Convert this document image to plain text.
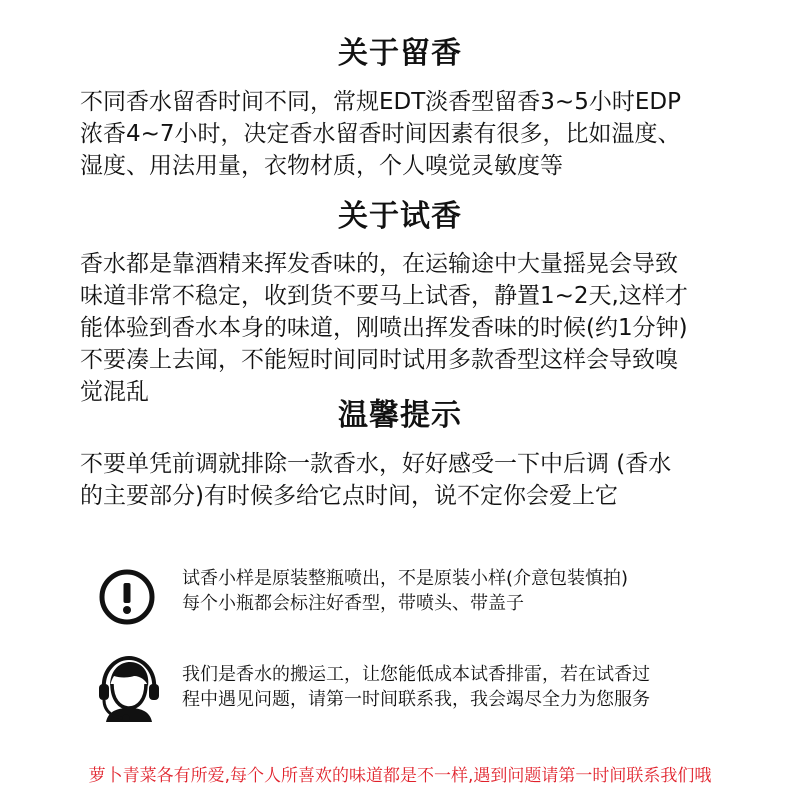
关于留香
不同香水留香时间不同，常规EDT淡香型留香3~5小时EDP
浓香4~7小时，决定香水留香时间因素有很多，比如温度、
湿度、用法用量，衣物材质，个人嗅觉灵敏度等
关于试香
香水都是靠酒精来挥发香味的，在运输途中大量摇晃会导致
味道非常不稳定，收到货不要马上试香，静置1~2天,这样才
能体验到香水本身的味道，刚喷出挥发香味的时候(约1分钟)
不要凑上去闻，不能短时间同时试用多款香型这样会导致嗅
觉混乱
温馨提示
不要单凭前调就排除一款香水，好好感受一下中后调 (香水
的主要部分)有时候多给它点时间，说不定你会爱上它
试香小样是原装整瓶喷出，不是原装小样(介意包装慎拍)
每个小瓶都会标注好香型，带喷头、带盖子
我们是香水的搬运工，让您能低成本试香排雷，若在试香过
程中遇见问题，请第一时间联系我，我会竭尽全力为您服务
萝卜青菜各有所爱,每个人所喜欢的味道都是不一样,遇到问题请第一时间联系我们哦
